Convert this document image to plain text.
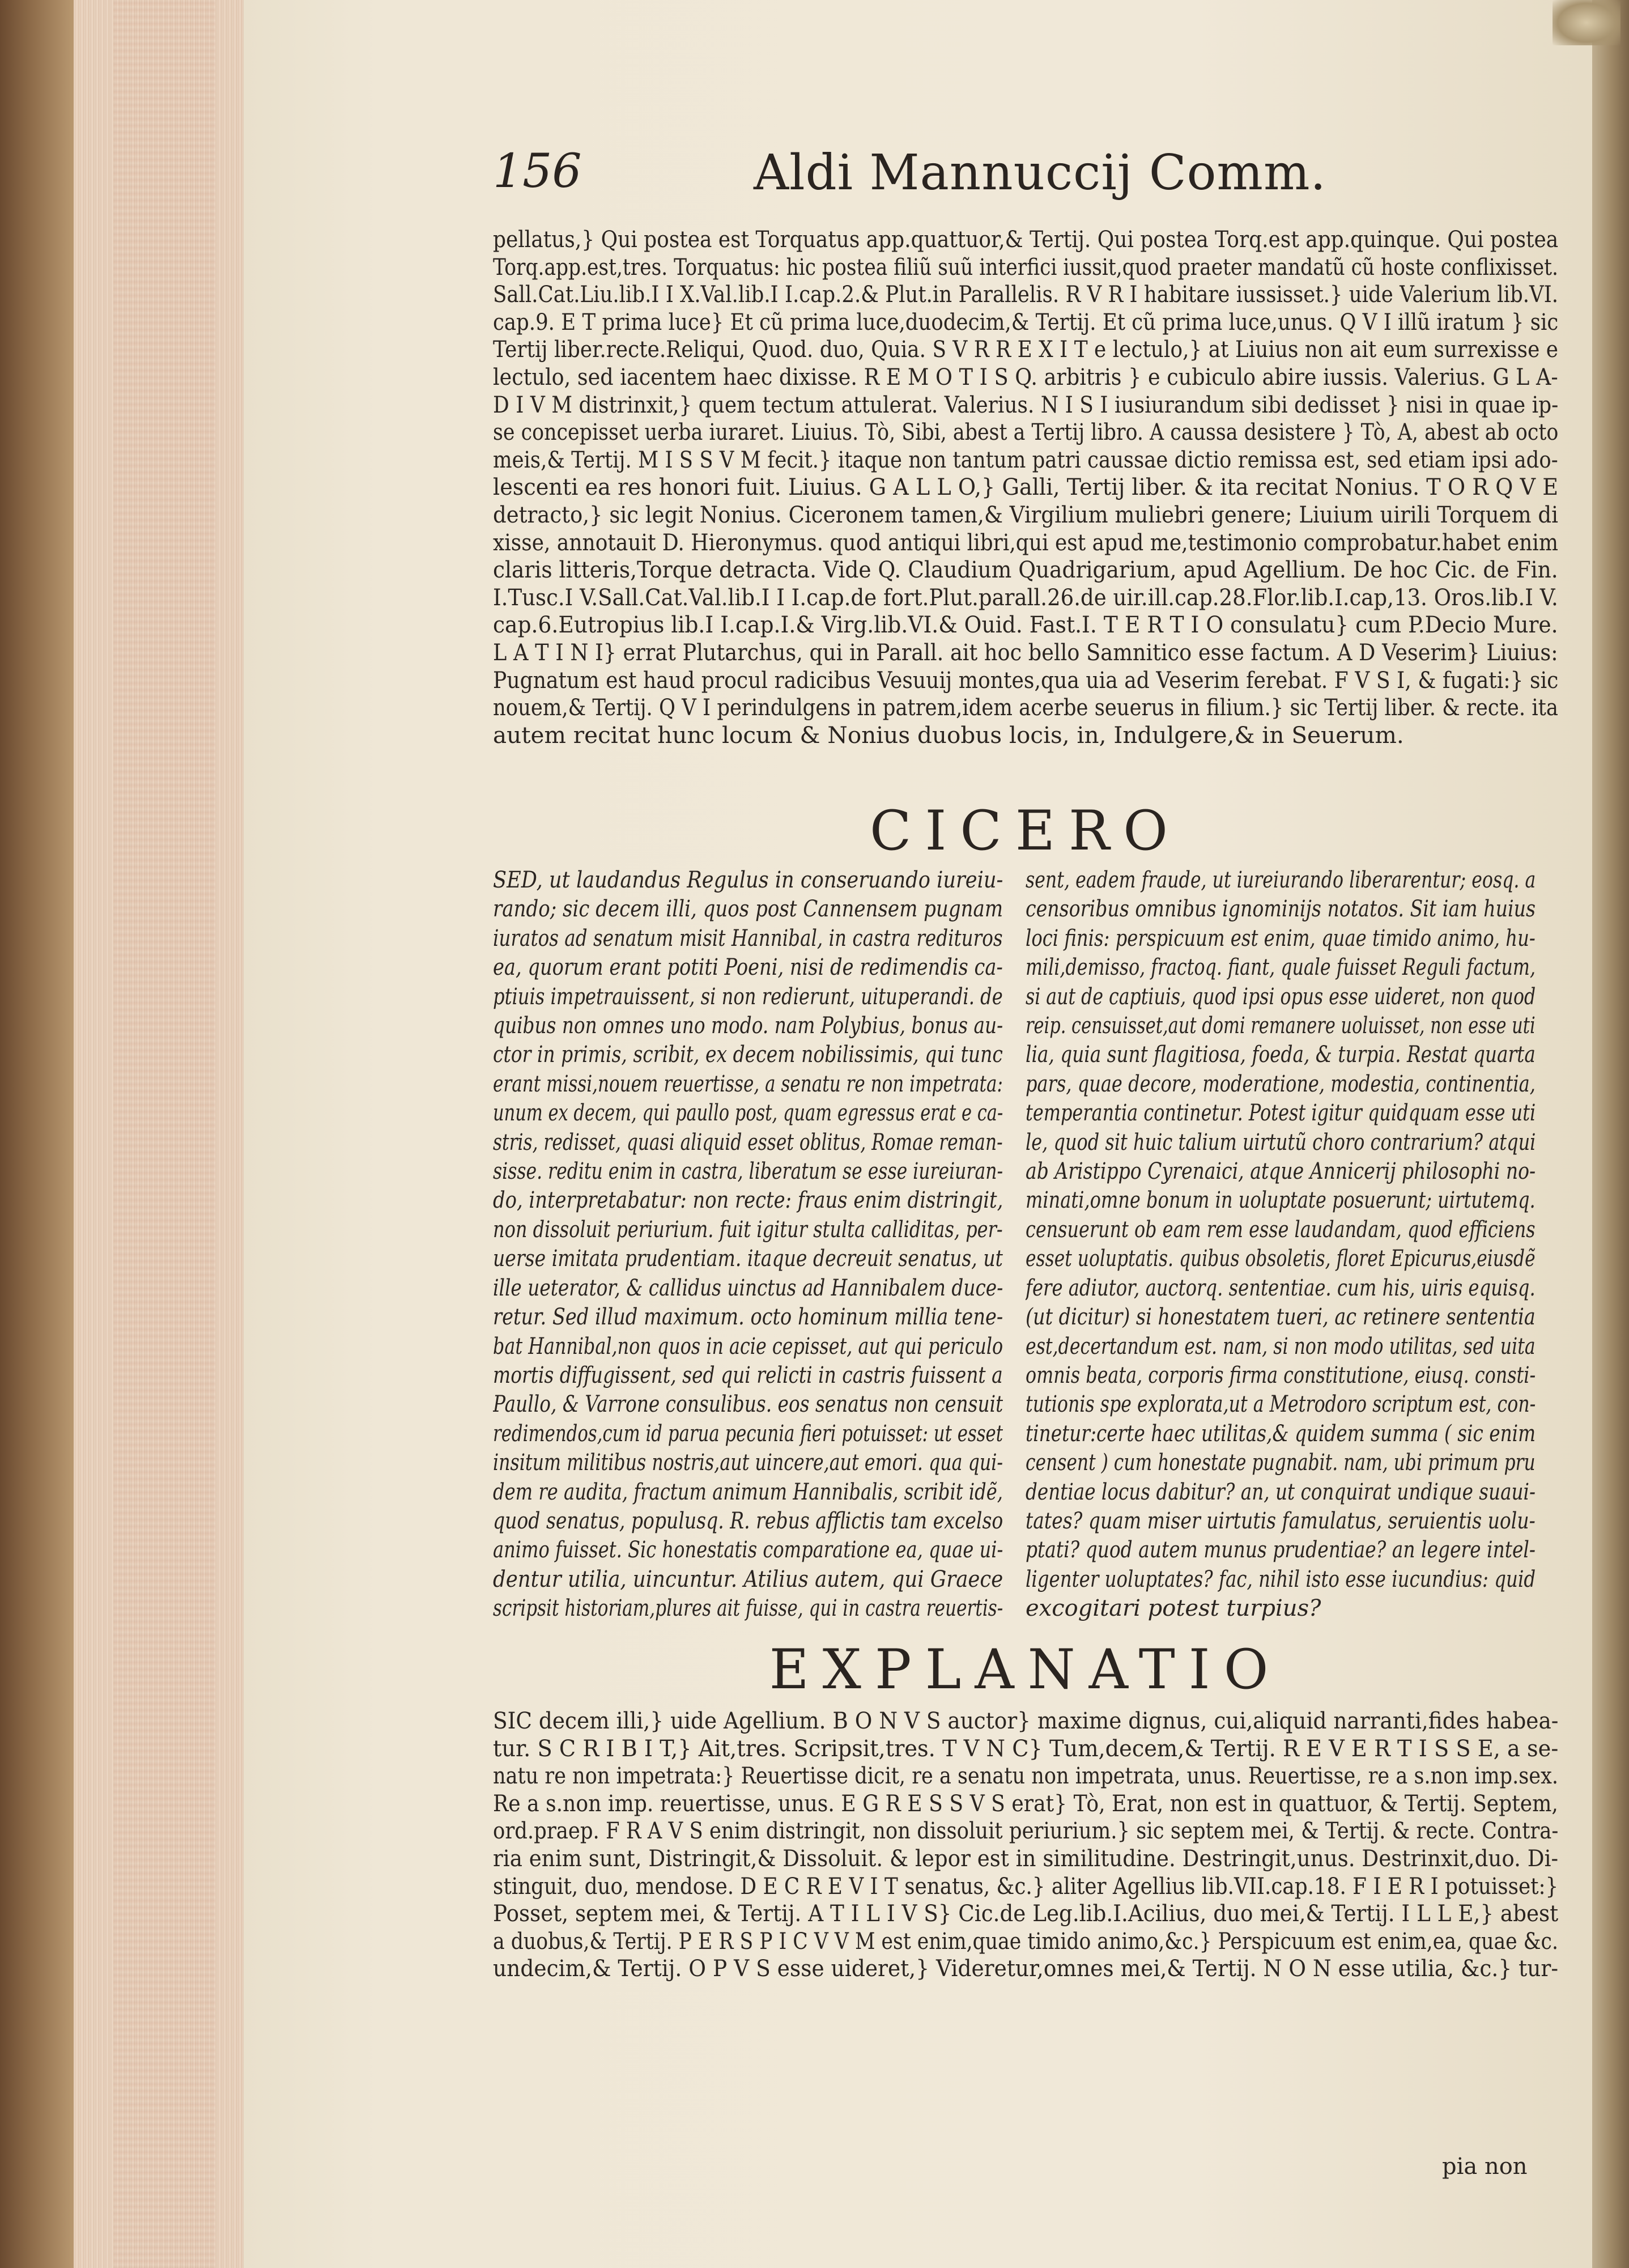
156	Aldi Mannuccij Comm.
pellatus,} Qui postea est Torquatus app.quattuor,& Tertij. Qui postea Torq.est app.quinque. Qui postea
Torq.app.est,tres. Torquatus: hic postea filiũ suũ interfici iussit,quod praeter mandatũ cũ hoste conflixisset.
Sall.Cat.Liu.lib.I I X.Val.lib.I I.cap.2.& Plut.in Parallelis. R V R I habitare iussisset.} uide Valerium lib.VI.
cap.9. E T prima luce} Et cũ prima luce,duodecim,& Tertij. Et cũ prima luce,unus. Q V I illũ iratum } sic
Tertij liber.recte.Reliqui, Quod. duo, Quia. S V R R E X I T e lectulo,} at Liuius non ait eum surrexisse e
lectulo, sed iacentem haec dixisse. R E M O T I S Q. arbitris } e cubiculo abire iussis. Valerius. G L A-
D I V M distrinxit,} quem tectum attulerat. Valerius. N I S I iusiurandum sibi dedisset } nisi in quae ip-
se concepisset uerba iuraret. Liuius. Tò, Sibi, abest a Tertij libro. A caussa desistere } Tò, A, abest ab octo
meis,& Tertij. M I S S V M fecit.} itaque non tantum patri caussae dictio remissa est, sed etiam ipsi ado-
lescenti ea res honori fuit. Liuius. G A L L O,} Galli, Tertij liber. & ita recitat Nonius. T O R Q V E
detracto,} sic legit Nonius. Ciceronem tamen,& Virgilium muliebri genere; Liuium uirili Torquem di
xisse, annotauit D. Hieronymus. quod antiqui libri,qui est apud me,testimonio comprobatur.habet enim
claris litteris,Torque detracta. Vide Q. Claudium Quadrigarium, apud Agellium. De hoc Cic. de Fin.
I.Tusc.I V.Sall.Cat.Val.lib.I I I.cap.de fort.Plut.parall.26.de uir.ill.cap.28.Flor.lib.I.cap,13. Oros.lib.I V.
cap.6.Eutropius lib.I I.cap.I.& Virg.lib.VI.& Ouid. Fast.I. T E R T I O consulatu} cum P.Decio Mure.
L A T I N I} errat Plutarchus, qui in Parall. ait hoc bello Samnitico esse factum. A D Veserim} Liuius:
Pugnatum est haud procul radicibus Vesuuij montes,qua uia ad Veserim ferebat. F V S I, & fugati:} sic
nouem,& Tertij. Q V I perindulgens in patrem,idem acerbe seuerus in filium.} sic Tertij liber. & recte. ita
autem recitat hunc locum & Nonius duobus locis, in, Indulgere,& in Seuerum.
CICERO
SED, ut laudandus Regulus in conseruando iureiu-
rando; sic decem illi, quos post Cannensem pugnam
iuratos ad senatum misit Hannibal, in castra redituros
ea, quorum erant potiti Poeni, nisi de redimendis ca-
ptiuis impetrauissent, si non redierunt, uituperandi. de
quibus non omnes uno modo. nam Polybius, bonus au-
ctor in primis, scribit, ex decem nobilissimis, qui tunc
erant missi,nouem reuertisse, a senatu re non impetrata:
unum ex decem, qui paullo post, quam egressus erat e ca-
stris, redisset, quasi aliquid esset oblitus, Romae reman-
sisse. reditu enim in castra, liberatum se esse iureiuran-
do, interpretabatur: non recte: fraus enim distringit,
non dissoluit periurium. fuit igitur stulta calliditas, per-
uerse imitata prudentiam. itaque decreuit senatus, ut
ille ueterator, & callidus uinctus ad Hannibalem duce-
retur. Sed illud maximum. octo hominum millia tene-
bat Hannibal,non quos in acie cepisset, aut qui periculo
mortis diffugissent, sed qui relicti in castris fuissent a
Paullo, & Varrone consulibus. eos senatus non censuit
redimendos,cum id parua pecunia fieri potuisset: ut esset
insitum militibus nostris,aut uincere,aut emori. qua qui-
dem re audita, fractum animum Hannibalis, scribit idẽ,
quod senatus, populusq. R. rebus afflictis tam excelso
animo fuisset. Sic honestatis comparatione ea, quae ui-
dentur utilia, uincuntur. Atilius autem, qui Graece
scripsit historiam,plures ait fuisse, qui in castra reuertis-
sent, eadem fraude, ut iureiurando liberarentur; eosq. a
censoribus omnibus ignominijs notatos. Sit iam huius
loci finis: perspicuum est enim, quae timido animo, hu-
mili,demisso, fractoq. fiant, quale fuisset Reguli factum,
si aut de captiuis, quod ipsi opus esse uideret, non quod
reip. censuisset,aut domi remanere uoluisset, non esse uti
lia, quia sunt flagitiosa, foeda, & turpia. Restat quarta
pars, quae decore, moderatione, modestia, continentia,
temperantia continetur. Potest igitur quidquam esse uti
le, quod sit huic talium uirtutũ choro contrarium? atqui
ab Aristippo Cyrenaici, atque Annicerij philosophi no-
minati,omne bonum in uoluptate posuerunt; uirtutemq.
censuerunt ob eam rem esse laudandam, quod efficiens
esset uoluptatis. quibus obsoletis, floret Epicurus,eiusdẽ
fere adiutor, auctorq. sententiae. cum his, uiris equisq.
(ut dicitur) si honestatem tueri, ac retinere sententia
est,decertandum est. nam, si non modo utilitas, sed uita
omnis beata, corporis firma constitutione, eiusq. consti-
tutionis spe explorata,ut a Metrodoro scriptum est, con-
tinetur:certe haec utilitas,& quidem summa ( sic enim
censent ) cum honestate pugnabit. nam, ubi primum pru
dentiae locus dabitur? an, ut conquirat undique suaui-
tates? quam miser uirtutis famulatus, seruientis uolu-
ptati? quod autem munus prudentiae? an legere intel-
ligenter uoluptates? fac, nihil isto esse iucundius: quid
excogitari potest turpius?
EXPLANATIO
SIC decem illi,} uide Agellium. B O N V S auctor} maxime dignus, cui,aliquid narranti,fides habea-
tur. S C R I B I T,} Ait,tres. Scripsit,tres. T V N C} Tum,decem,& Tertij. R E V E R T I S S E, a se-
natu re non impetrata:} Reuertisse dicit, re a senatu non impetrata, unus. Reuertisse, re a s.non imp.sex.
Re a s.non imp. reuertisse, unus. E G R E S S V S erat} Tò, Erat, non est in quattuor, & Tertij. Septem,
ord.praep. F R A V S enim distringit, non dissoluit periurium.} sic septem mei, & Tertij. & recte. Contra-
ria enim sunt, Distringit,& Dissoluit. & lepor est in similitudine. Destringit,unus. Destrinxit,duo. Di-
stinguit, duo, mendose. D E C R E V I T senatus, &c.} aliter Agellius lib.VII.cap.18. F I E R I potuisset:}
Posset, septem mei, & Tertij. A T I L I V S} Cic.de Leg.lib.I.Acilius, duo mei,& Tertij. I L L E,} abest
a duobus,& Tertij. P E R S P I C V V M est enim,quae timido animo,&c.} Perspicuum est enim,ea, quae &c.
undecim,& Tertij. O P V S esse uideret,} Videretur,omnes mei,& Tertij. N O N esse utilia, &c.} tur-
pia non
